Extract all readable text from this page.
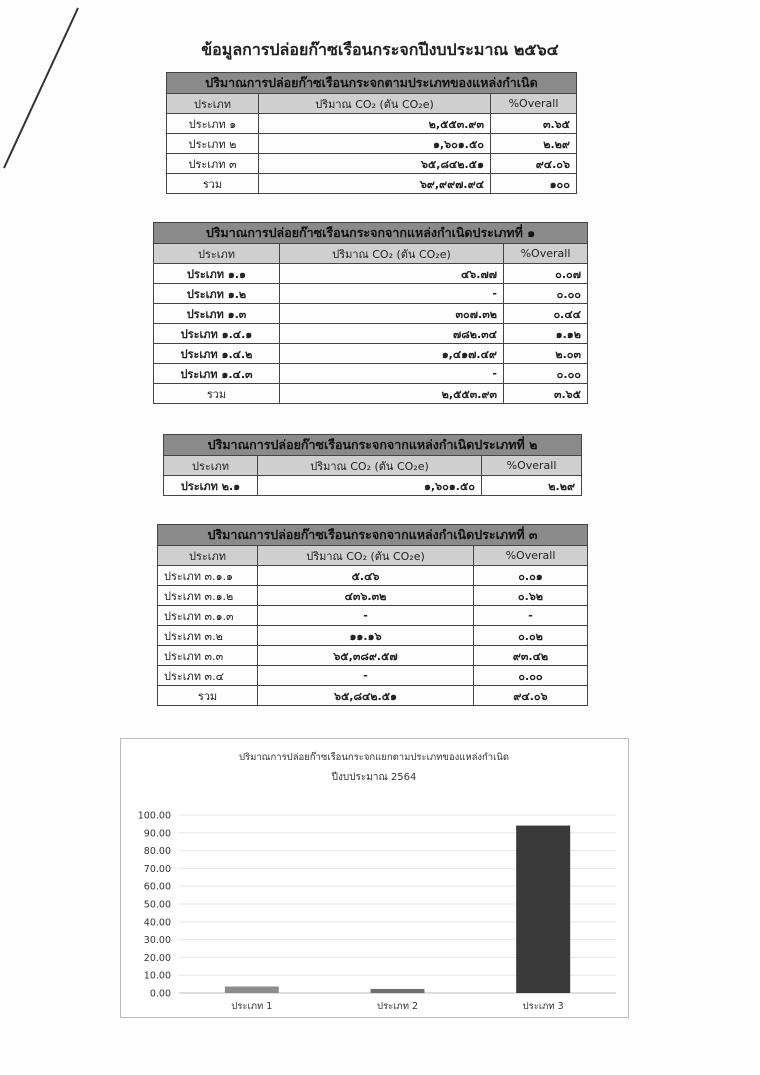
ข้อมูลการปล่อยก๊าซเรือนกระจกปีงบประมาณ ๒๕๖๔
ปริมาณการปล่อยก๊าซเรือนกระจกตามประเภทของแหล่งกำเนิด		
ประเภท	ปริมาณ CO₂ (ตัน CO₂e)	%Overall
ประเภท ๑	๒,๕๕๓.๙๓	๓.๖๕
ประเภท ๒	๑,๖๐๑.๕๐	๒.๒๙
ประเภท ๓	๖๕,๘๔๒.๕๑	๙๔.๐๖
รวม	๖๙,๙๙๗.๙๔	๑๐๐
ปริมาณการปล่อยก๊าซเรือนกระจกจากแหล่งกำเนิดประเภทที่ ๑		
ประเภท	ปริมาณ CO₂ (ตัน CO₂e)	%Overall
ประเภท ๑.๑	๔๖.๗๗	๐.๐๗
ประเภท ๑.๒	-	๐.๐๐
ประเภท ๑.๓	๓๐๗.๓๒	๐.๔๔
ประเภท ๑.๔.๑	๗๘๒.๓๔	๑.๑๒
ประเภท ๑.๔.๒	๑,๔๑๗.๔๙	๒.๐๓
ประเภท ๑.๔.๓	-	๐.๐๐
รวม	๒,๕๕๓.๙๓	๓.๖๕
ปริมาณการปล่อยก๊าซเรือนกระจกจากแหล่งกำเนิดประเภทที่ ๒		
ประเภท	ปริมาณ CO₂ (ตัน CO₂e)	%Overall
ประเภท ๒.๑	๑,๖๐๑.๕๐	๒.๒๙
ปริมาณการปล่อยก๊าซเรือนกระจกจากแหล่งกำเนิดประเภทที่ ๓		
ประเภท	ปริมาณ CO₂ (ตัน CO₂e)	%Overall
ประเภท ๓.๑.๑	๕.๔๖	๐.๐๑
ประเภท ๓.๑.๒	๔๓๖.๓๒	๐.๖๒
ประเภท ๓.๑.๓	-	-
ประเภท ๓.๒	๑๑.๑๖	๐.๐๒
ประเภท ๓.๓	๖๕,๓๘๙.๕๗	๙๓.๔๒
ประเภท ๓.๔	-	๐.๐๐
รวม	๖๕,๘๔๒.๕๑	๙๔.๐๖
ปริมาณการปล่อยก๊าซเรือนกระจกแยกตามประเภทของแหล่งกำเนิด
ปีงบประมาณ 2564
0.00
10.00
20.00
30.00
40.00
50.00
60.00
70.00
80.00
90.00
100.00
ประเภท 1	ประเภท 2	ประเภท 3
